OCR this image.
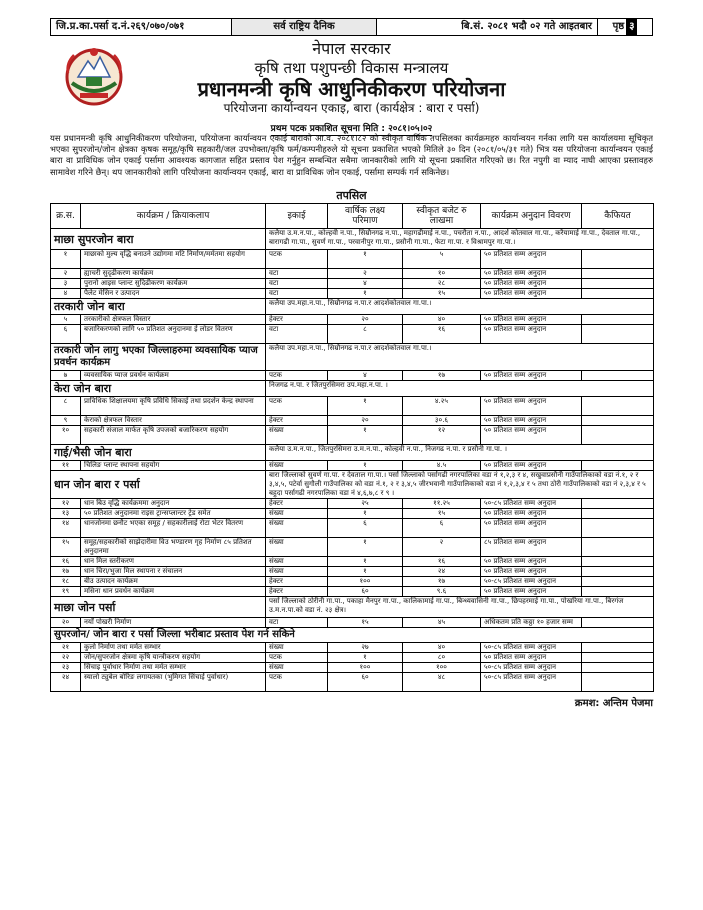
जि.प्र.का.पर्सा द.नं.२६९/०७०/०७१	सर्व राष्ट्रिय दैनिक	बि.सं. २०८१ भदौ ०२ गते आइतबार	पृष्ठ ३
नेपाल सरकार
कृषि तथा पशुपन्छी विकास मन्त्रालय
प्रधानमन्त्री कृषि आधुनिकीकरण परियोजना
परियोजना कार्यान्वयन एकाइ, बारा (कार्यक्षेत्र : बारा र पर्सा)
प्रथम पटक प्रकाशित सूचना मिति : २०८१।०५।०२

यस प्रधानमन्त्री कृषि आधुनिकीकरण परियोजना, परियोजना कार्यान्वयन एकाई बाराको आ.व. २०८१।८२ को स्वीकृत वार्षिक तपसिलका कार्यक्रमहरु कार्यान्वयन गर्नका लागि यस कार्यालयमा सूचिकृत भएका सुपरजोन/जोन क्षेत्रका कृषक समूह/कृषि सहकारी/जल उपभोक्ता/कृषि फर्म/कम्पनीहरुले यो सूचना प्रकाशित भएको मितिले ३० दिन (२०८१/०५/३१ गते) भित्र यस परियोजना कार्यान्वयन एकाई बारा वा प्राविधिक जोन एकाई पर्सामा आवश्यक कागजात सहित प्रस्ताव पेश गर्नुहुन सम्बन्धित सबैमा जानकारीको लागि यो सूचना प्रकाशित गरिएको छ। रित नपुगी वा म्याद नाघी आएका प्रस्तावहरु सामावेश गरिने छैन्। थप जानकारीको लागि परियोजना कार्यान्वयन एकाई, बारा वा प्राविधिक जोन एकाई, पर्सामा सम्पर्क गर्न सकिनेछ।

तपसिल
क्र.स.	कार्यक्रम / क्रियाकलाप	इकाई	वार्षिक लक्ष्य परिमाण	स्वीकृत बजेट रु लाखमा	कार्यक्रम अनुदान विवरण	कैफियत
माछा सुपरजोन बारा		कलैया उ.म.न.पा., कोल्हवी न.पा., सिम्रौनगढ न.पा., महागढीमाई न.पा., पचरौता न.पा., आदर्श कोतवाल गा.पा., करैयामाई गा.पा., देवताल गा.पा., बारागढी गा.पा., सुवर्ण गा.पा., परवानीपुर गा.पा., प्रसौनी गा.पा., फेटा गा.पा. र विश्रामपुर गा.पा.।				
१	माछाको मुल्य वृद्धि बनाउने उद्योगमा मटि निर्माण/मर्मतमा सहयोग	पटक	१	५	५० प्रतिशत सम्म अनुदान	
२	ह्याचरी सुदृढीकरण कार्यक्रम	वटा	२	१०	५० प्रतिशत सम्म अनुदान	
३	पुरानो आइस प्लान्ट सुदिढीकरण कार्यक्रम	वटा	४	२८	५० प्रतिशत सम्म अनुदान	
४	पैलेट मेसिन र उत्पादन	वटा	१	१५	५० प्रतिशत सम्म अनुदान	
तरकारी जोन बारा		कलैया उप.महा.न.पा., सिम्रौनगढ न.पा.र आदर्शकोतवाल गा.पा.।				
५	तरकारीको क्षेत्रफल विस्तार	हेक्टर	२०	४०	५० प्रतिशत सम्म अनुदान	
६	बजारिकरणको लागि ५० प्रतिशत अनुदानमा ई लोडर वितरण	वटा	८	१६	५० प्रतिशत सम्म अनुदान	
तरकारी जोन लागु भएका जिल्लाहरुमा व्यवसायिक प्याज प्रवर्धन कार्यक्रम		कलैया उप.महा.न.पा., सिम्रौनगढ न.पा.र आदर्शकोतवाल गा.पा.।				
७	व्यवसायिक प्याज प्रवर्धन कार्यक्रम	पटक	४	१७	५० प्रतिशत सम्म अनुदान	
केरा जोन बारा		निजगढ न.पा. र जितपुरसिमरा उप.महा.न.पा. ।				
८	प्राविधिक शिक्षालयमा कृषि प्रविधि सिकाई तथा प्रदर्शन केन्द्र स्थापना	पटक	१	४.२५	५० प्रतिशत सम्म अनुदान	
९	केराको क्षेत्रफल विस्तार	हेक्टर	२०	३०.६	५० प्रतिशत सम्म अनुदान	
१०	सहकारी संजाल मार्फत कृषि उपजको बजारिकरण सहयोग	संख्या	१	१२	५० प्रतिशत सम्म अनुदान	
गाई/भैसी जोन बारा		कलैया उ.म.न.पा., जितपुरसिमरा उ.म.न.पा., कोल्हवी न.पा., निजगढ न.पा. र प्रसौनी गा.पा. ।				
११	चिलिङ प्लान्ट स्थापना सहयोग	संख्या	१	४.५	५० प्रतिशत सम्म अनुदान	
धान जोन बारा र पर्सा		बारा जिल्लाको सुवर्ण गा.पा. र देवताल गा.पा.। पर्सा जिल्लाको पर्सागढी नगरपालिका वडा नं १,२,३ र ४, सखुवाप्रसौनी गाउँपालिकाको वडा नं.१, २ र ३,४,५, पटेर्वा सुगौली गाउँपालिका को वडा नं.१, २ र ३,४,५ जीरभवानी गाउँपालिकाको वडा नं १,२,३,४ र ५ तथा ठोरी गाउँपालिकाको वडा नं २,३,४ र ५ बहुदा पर्सागढी नगरपालिका वडा नं ४,६,७,८ र ९ ।				
१२	धान बिउ वृद्धि कार्यक्रममा अनुदान	हेक्टर	२५	११.२५	५०-८५ प्रतिशत सम्म अनुदान	
१३	५० प्रतिशत अनुदानमा राइस ट्रान्सप्लान्टर ट्रेड समेत	संख्या	१	१५	५० प्रतिशत सम्म अनुदान	
१४	धानजोनमा छनौट भएका समूह / सहकारीलाई रोटा भेटर वितरण	संख्या	६	६	५० प्रतिशत सम्म अनुदान	
१५	समूह/सहकारीको साझेदारीमा विउ भण्डारण गृह निर्माण ८५ प्रतिशत अनुदानमा	संख्या	१	२	८५ प्रतिशत सम्म अनुदान	
१६	धान मिल स्तरीकरण	संख्या	१	१६	५० प्रतिशत सम्म अनुदान	
१७	धान चिरा/भुजा मिल स्थापना र संचालन	संख्या	१	२४	५० प्रतिशत सम्म अनुदान	
१८	बीउ उत्पादन कार्यक्रम	हेक्टर	१००	१७	५०-८५ प्रतिशत सम्म अनुदान	
१९	मसिना धान प्रवर्धन कार्यक्रम	हेक्टर	६०	९.६	५० प्रतिशत सम्म अनुदान	
माछा जोन पर्सा		पर्सा जिल्लाको ठोरीनी गा.पा., पकाहा मैनपुर गा.पा., कालिकामाई गा.पा., बिन्ध्यवासिनी गा.पा., छिपहरमाई गा.पा., पोखरिया गा.पा., बिरगंज उ.म.न.पा.को वडा नं. २३ क्षेत्र।				
२०	नयाँ पोखरी निर्माण	वटा	१५	४५	अधिकतम प्रति कठ्ठा १० हजार सम्म	
सुपरजोन/ जोन बारा र पर्सा जिल्ला भरीबाट प्रस्ताव पेश गर्न सकिने						
२१	कुलो निर्माण तथा मर्मत सम्भार	संख्या	२७	४०	५०-८५ प्रतिशत सम्म अनुदान	
२२	जोन/सुपरजोन क्षेत्रमा कृषि यान्त्रीकरण सहयोग	पटक	१	८०	५० प्रतिशत सम्म अनुदान	
२३	सिंचाइ पुर्वाधार निर्माण तथा मर्मत सम्भार	संख्या	१००	१००	५०-८५ प्रतिशत सम्म अनुदान	
२४	स्यालो ट्युबेल बोरिङ लगायतका (भुमिगत सिंचाई पुर्वाधार)	पटक	६०	४८	५०-८५ प्रतिशत सम्म अनुदान	
क्रमश: अन्तिम पेजमा
